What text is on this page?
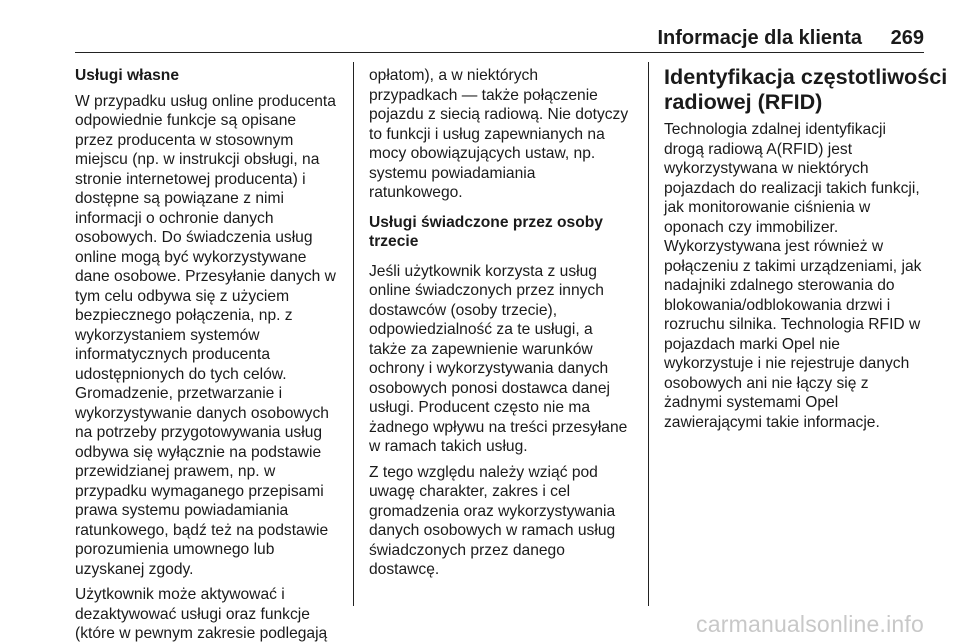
Informacje dla klienta 269
Usługi własne

W przypadku usług online producenta
odpowiednie funkcje są opisane
przez producenta w stosownym
miejscu (np. w instrukcji obsługi, na
stronie internetowej producenta) i
dostępne są powiązane z nimi
informacji o ochronie danych
osobowych. Do świadczenia usług
online mogą być wykorzystywane
dane osobowe. Przesyłanie danych w
tym celu odbywa się z użyciem
bezpiecznego połączenia, np. z
wykorzystaniem systemów
informatycznych producenta
udostępnionych do tych celów.
Gromadzenie, przetwarzanie i
wykorzystywanie danych osobowych
na potrzeby przygotowywania usług
odbywa się wyłącznie na podstawie
przewidzianej prawem, np. w
przypadku wymaganego przepisami
prawa systemu powiadamiania
ratunkowego, bądź też na podstawie
porozumienia umownego lub
uzyskanej zgody.

Użytkownik może aktywować i
dezaktywować usługi oraz funkcje
(które w pewnym zakresie podlegają

opłatom), a w niektórych
przypadkach — także połączenie
pojazdu z siecią radiową. Nie dotyczy
to funkcji i usług zapewnianych na
mocy obowiązujących ustaw, np.
systemu powiadamiania
ratunkowego.

Usługi świadczone przez osoby
trzecie

Jeśli użytkownik korzysta z usług
online świadczonych przez innych
dostawców (osoby trzecie),
odpowiedzialność za te usługi, a
także za zapewnienie warunków
ochrony i wykorzystywania danych
osobowych ponosi dostawca danej
usługi. Producent często nie ma
żadnego wpływu na treści przesyłane
w ramach takich usług.

Z tego względu należy wziąć pod
uwagę charakter, zakres i cel
gromadzenia oraz wykorzystywania
danych osobowych w ramach usług
świadczonych przez danego
dostawcę.

Identyfikacja częstotliwości
radiowej (RFID)

Technologia zdalnej identyfikacji
drogą radiową A(RFID) jest
wykorzystywana w niektórych
pojazdach do realizacji takich funkcji,
jak monitorowanie ciśnienia w
oponach czy immobilizer.
Wykorzystywana jest również w
połączeniu z takimi urządzeniami, jak
nadajniki zdalnego sterowania do
blokowania/odblokowania drzwi i
rozruchu silnika. Technologia RFID w
pojazdach marki Opel nie
wykorzystuje i nie rejestruje danych
osobowych ani nie łączy się z
żadnymi systemami Opel
zawierającymi takie informacje.

carmanualsonline.info
